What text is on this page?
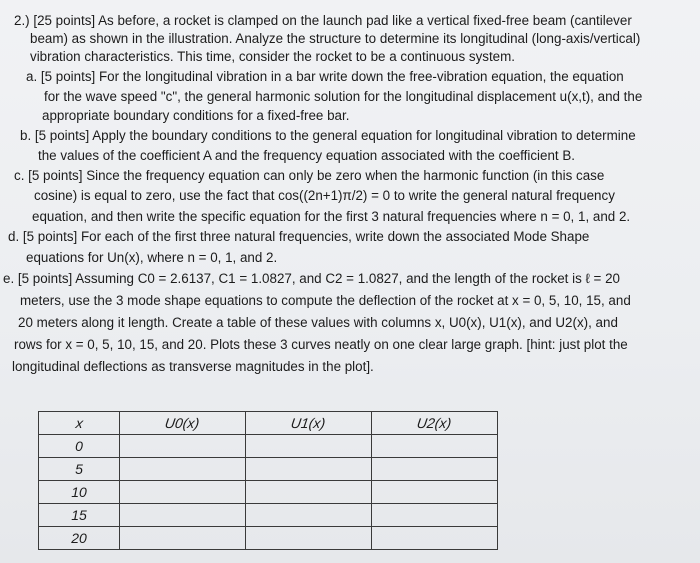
2.) [25 points] As before, a rocket is clamped on the launch pad like a vertical fixed-free beam (cantilever
beam) as shown in the illustration. Analyze the structure to determine its longitudinal (long-axis/vertical)
vibration characteristics. This time, consider the rocket to be a continuous system.
a. [5 points] For the longitudinal vibration in a bar write down the free-vibration equation, the equation
for the wave speed "c", the general harmonic solution for the longitudinal displacement u(x,t), and the
appropriate boundary conditions for a fixed-free bar.
b. [5 points] Apply the boundary conditions to the general equation for longitudinal vibration to determine
the values of the coefficient A and the frequency equation associated with the coefficient B.
c. [5 points] Since the frequency equation can only be zero when the harmonic function (in this case
cosine) is equal to zero, use the fact that cos((2n+1)π/2) = 0 to write the general natural frequency
equation, and then write the specific equation for the first 3 natural frequencies where n = 0, 1, and 2.
d. [5 points] For each of the first three natural frequencies, write down the associated Mode Shape
equations for Un(x), where n = 0, 1, and 2.
e. [5 points] Assuming C0 = 2.6137, C1 = 1.0827, and C2 = 1.0827, and the length of the rocket is ℓ = 20
meters, use the 3 mode shape equations to compute the deflection of the rocket at x = 0, 5, 10, 15, and
20 meters along it length. Create a table of these values with columns x, U0(x), U1(x), and U2(x), and
rows for x = 0, 5, 10, 15, and 20. Plots these 3 curves neatly on one clear large graph. [hint: just plot the
longitudinal deflections as transverse magnitudes in the plot].
x	U0(x)	U1(x)	U2(x)
0			
5			
10			
15			
20			
